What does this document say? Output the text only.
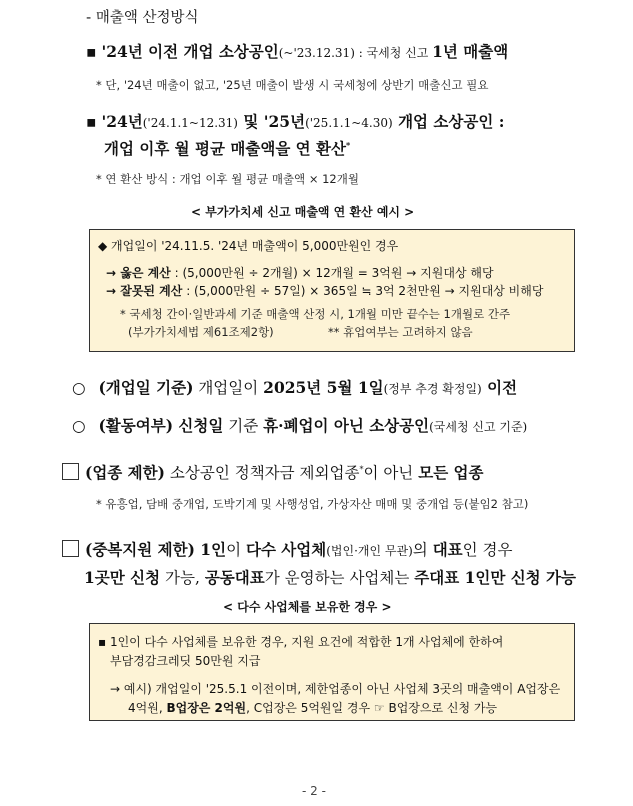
- 매출액 산정방식
▪ '24년 이전 개업 소상공인(~'23.12.31) : 국세청 신고 1년 매출액
* 단, '24년 매출이 없고, '25년 매출이 발생 시 국세청에 상반기 매출신고 필요
▪ '24년('24.1.1~12.31) 및 '25년('25.1.1~4.30) 개업 소상공인 :
개업 이후 월 평균 매출액을 연 환산*
* 연 환산 방식 : 개업 이후 월 평균 매출액 × 12개월
< 부가가치세 신고 매출액 연 환산 예시 >
◆ 개업일이 '24.11.5. '24년 매출액이 5,000만원인 경우
→ 옳은 계산 : (5,000만원 ÷ 2개월) × 12개월 = 3억원 → 지원대상 해당
→ 잘못된 계산 : (5,000만원 ÷ 57일) × 365일 ≒ 3억 2천만원 → 지원대상 비해당
* 국세청 간이·일반과세 기준 매출액 산정 시, 1개월 미만 끝수는 1개월로 간주
(부가가치세법 제61조제2항)	** 휴업여부는 고려하지 않음
○ (개업일 기준) 개업일이 2025년 5월 1일(정부 추경 확정일) 이전
○ (활동여부) 신청일 기준 휴·폐업이 아닌 소상공인(국세청 신고 기준)
(업종 제한) 소상공인 정책자금 제외업종*이 아닌 모든 업종
* 유흥업, 담배 중개업, 도박기계 및 사행성업, 가상자산 매매 및 중개업 등(붙임2 참고)
(중복지원 제한) 1인이 다수 사업체(법인·개인 무관)의 대표인 경우
1곳만 신청 가능, 공동대표가 운영하는 사업체는 주대표 1인만 신청 가능
< 다수 사업체를 보유한 경우 >
▪ 1인이 다수 사업체를 보유한 경우, 지원 요건에 적합한 1개 사업체에 한하여
부담경감크레딧 50만원 지급
→ 예시) 개업일이 '25.5.1 이전이며, 제한업종이 아닌 사업체 3곳의 매출액이 A업장은
4억원, B업장은 2억원, C업장은 5억원일 경우 ☞ B업장으로 신청 가능
- 2 -
